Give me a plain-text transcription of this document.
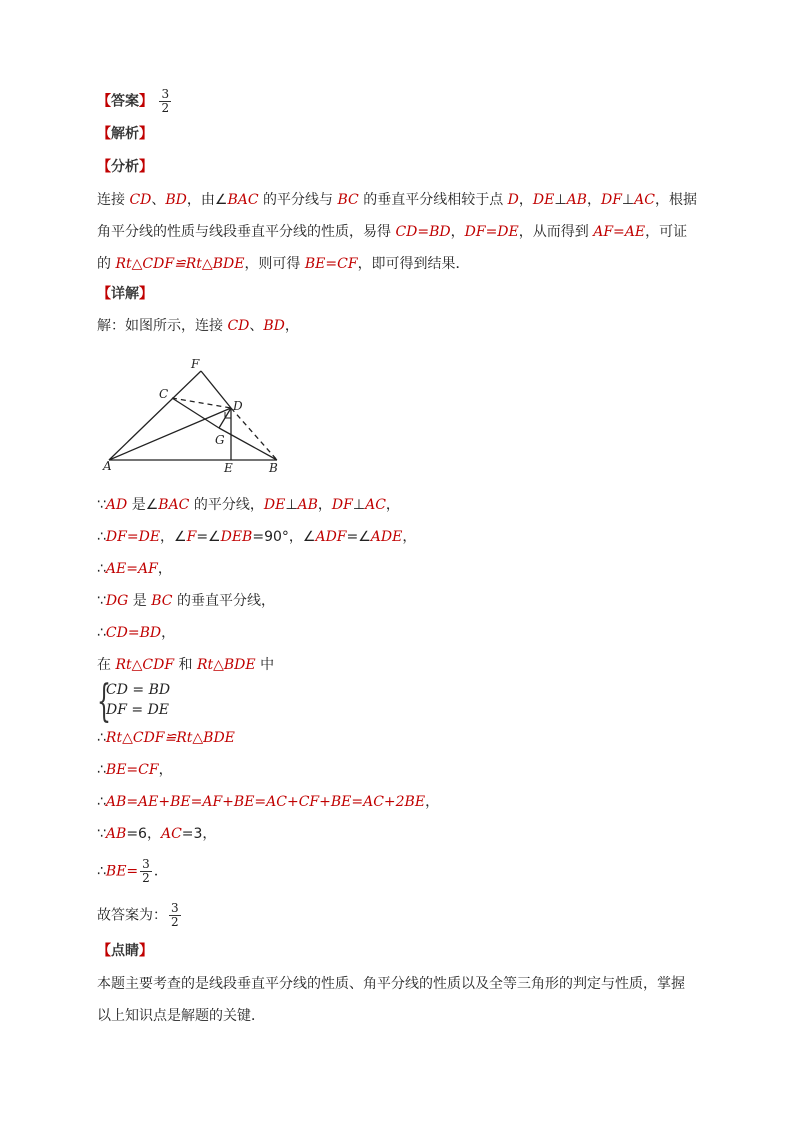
【答案】 $\frac{3}{2}$
【解析】
【分析】
连接 CD、BD，由∠BAC 的平分线与 BC 的垂直平分线相较于点 D，DE⊥AB，DF⊥AC，根据角平分线的性质与线段垂直平分线的性质，易得 CD=BD，DF=DE，从而得到 AF=AE，可证的 Rt△CDF≌Rt△BDE，则可得 BE=CF，即可得到结果．
【详解】
解：如图所示，连接 CD、BD，
F
C
D
G
A	E	B
∵AD 是∠BAC 的平分线，DE⊥AB，DF⊥AC，
∴DF=DE，∠F=∠DEB=90°，∠ADF=∠ADE，
∴AE=AF，
∵DG 是 BC 的垂直平分线，
∴CD=BD，
在 Rt△CDF 和 Rt△BDE 中
{
CD = BD
DF = DE
∴Rt△CDF≌Rt△BDE
∴BE=CF，
∴AB=AE+BE=AF+BE=AC+CF+BE=AC+2BE，
∵AB=6，AC=3，
∴BE= $\frac{3}{2}$ ．
故答案为： $\frac{3}{2}$
【点睛】
本题主要考查的是线段垂直平分线的性质、角平分线的性质以及全等三角形的判定与性质，掌握以上知识点是解题的关键．
